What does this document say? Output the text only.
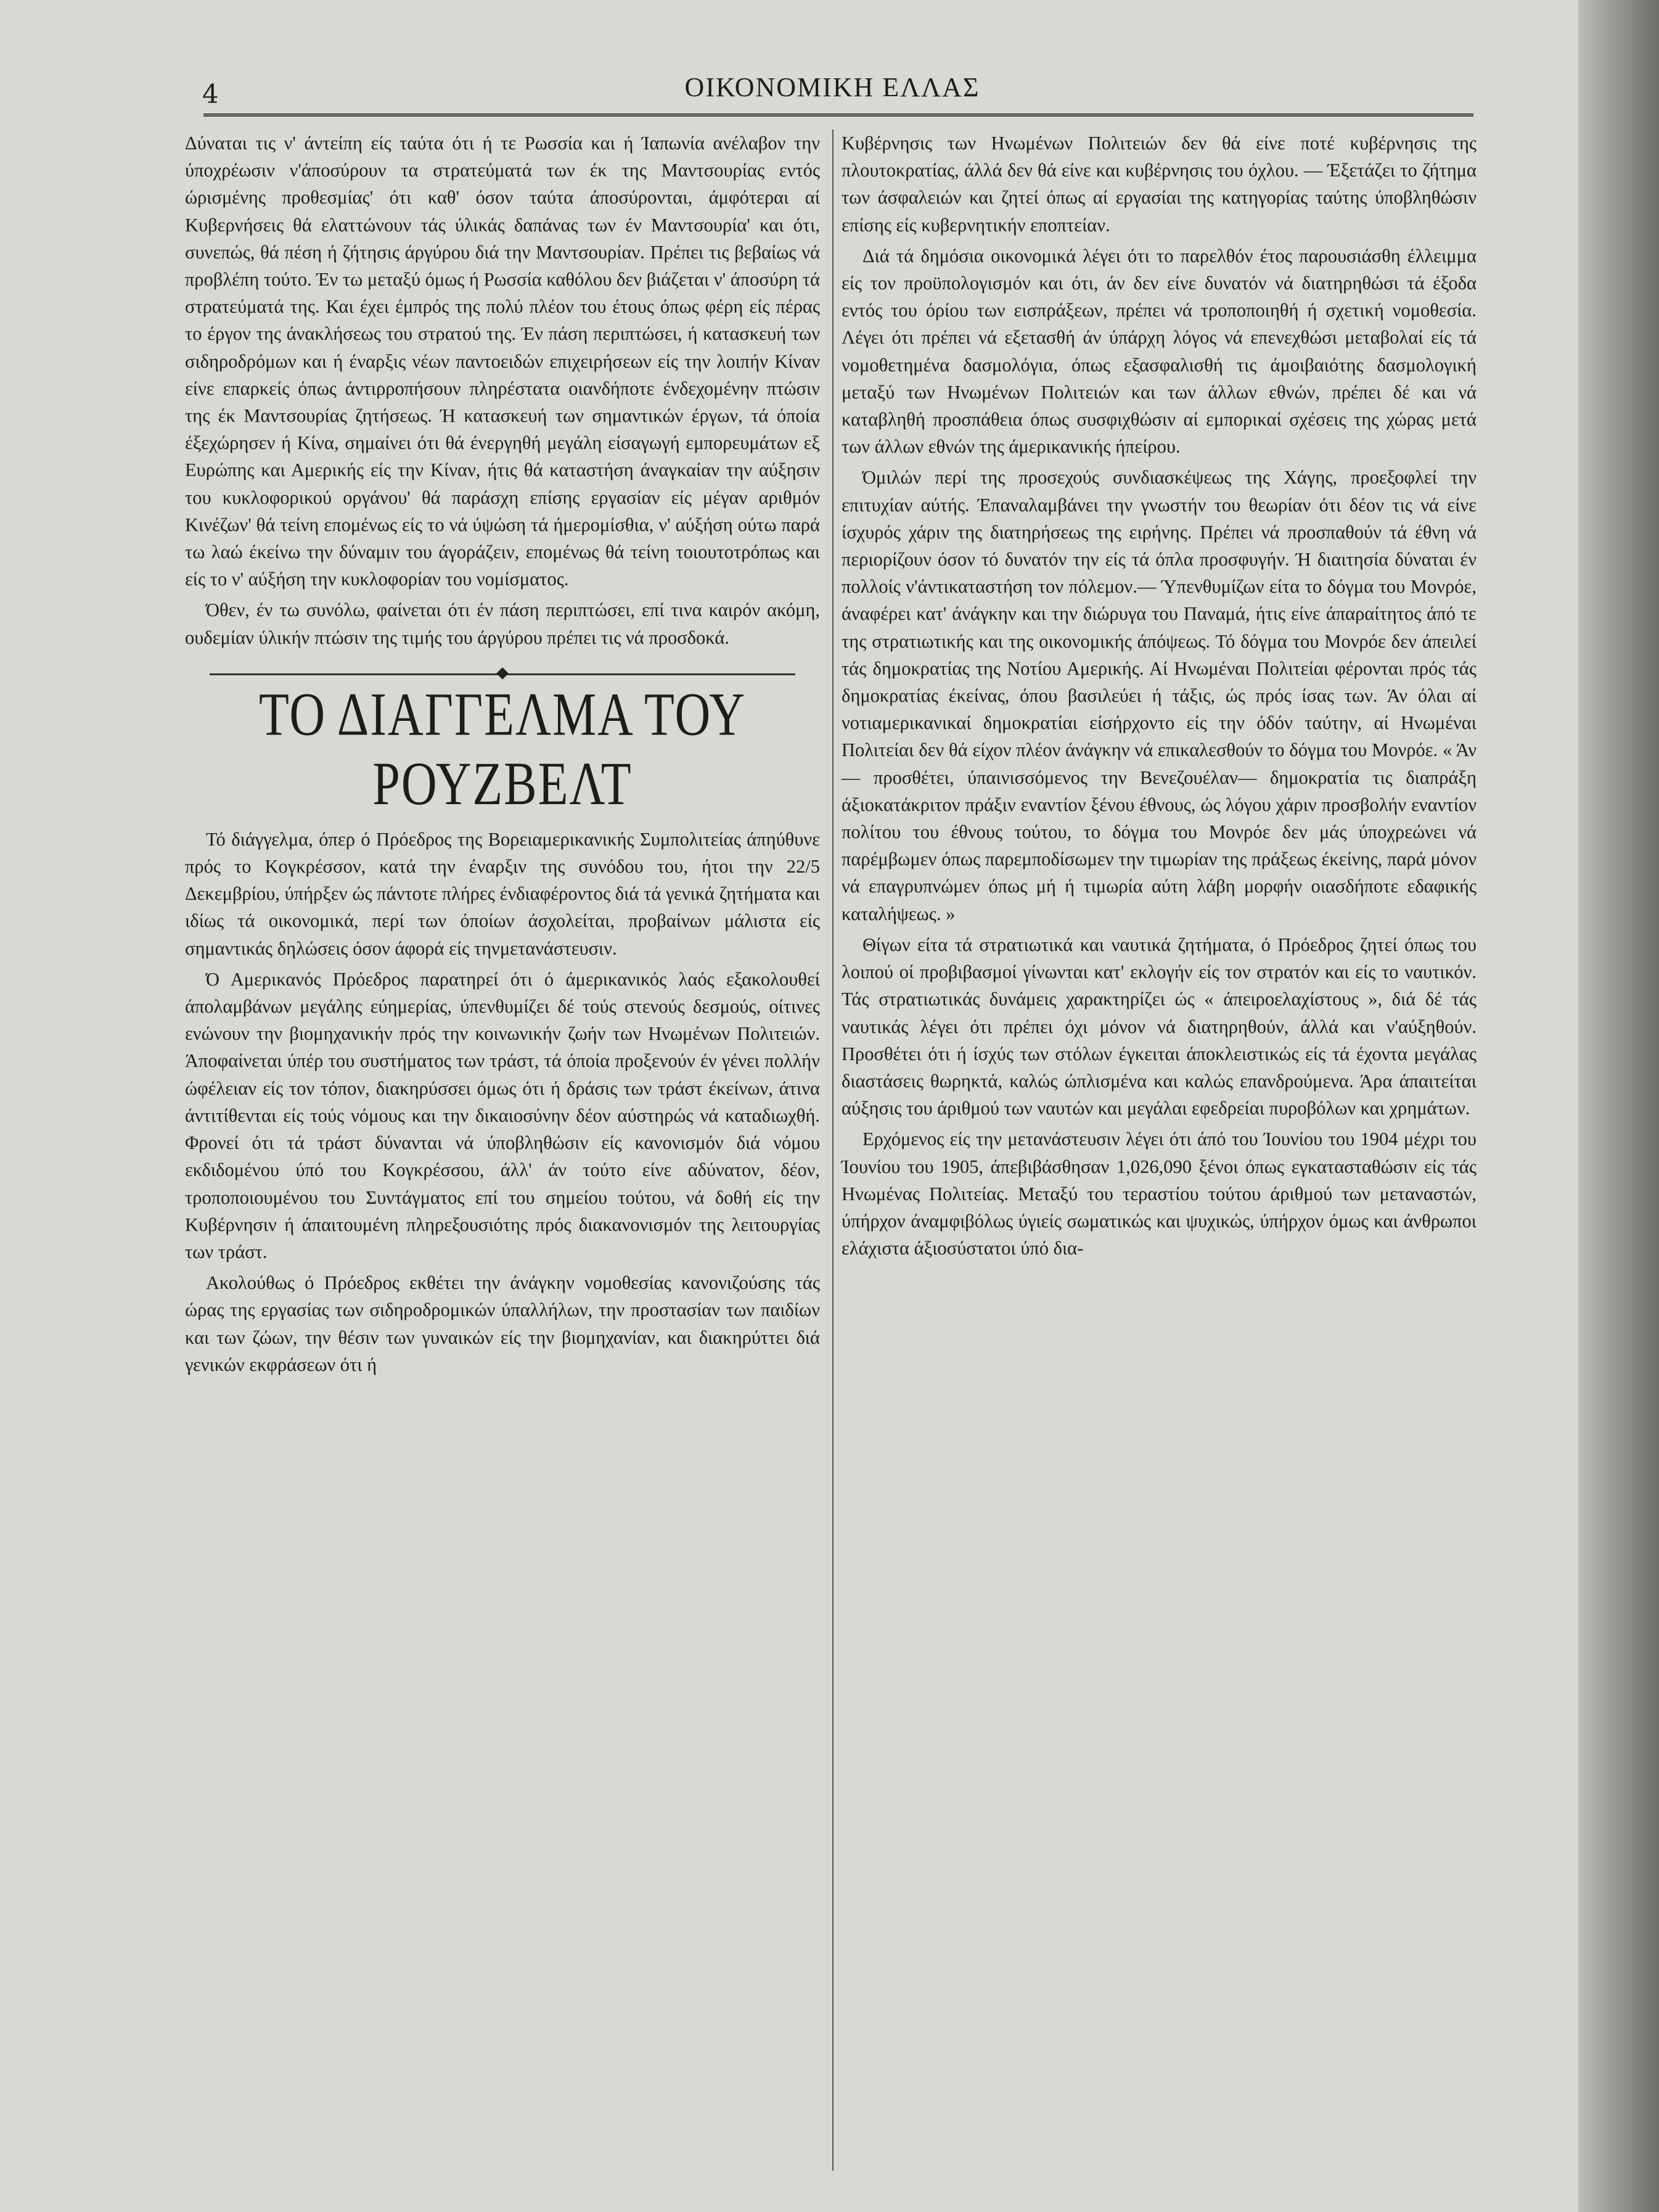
4	ΟΙΚΟΝΟΜΙΚΗ ΕΛΛΑΣ

Δύναται τις ν' άντείπη είς ταύτα ότι ή τε Ρωσσία και ή Ίαπωνία ανέλαβον την ύποχρέωσιν ν'άποσύρουν τα στρατεύματά των έκ της Μαντσουρίας εντός ώρισμένης προθεσμίας' ότι καθ' όσον ταύτα άποσύρονται, άμφότεραι αί Κυβερνήσεις θά ελαττώνουν τάς ύλικάς δαπάνας των έν Μαντσουρία' και ότι, συνεπώς, θά πέση ή ζήτησις άργύρου διά την Μαντσουρίαν. Πρέπει τις βεβαίως νά προβλέπη τούτο. Έν τω μεταξύ όμως ή Ρωσσία καθόλου δεν βιάζεται ν' άποσύρη τά στρατεύματά της. Και έχει έμπρός της πολύ πλέον του έτους όπως φέρη είς πέρας το έργον της άνακλήσεως του στρατού της. Έν πάση περιπτώσει, ή κατασκευή των σιδηροδρόμων και ή έναρξις νέων παντοειδών επιχειρήσεων είς την λοιπήν Κίναν είνε επαρκείς όπως άντιρροπήσουν πληρέστατα οιανδήποτε ένδεχομένην πτώσιν της έκ Μαντσουρίας ζητήσεως. Ή κατασκευή των σημαντικών έργων, τά όποία έξεχώρησεν ή Κίνα, σημαίνει ότι θά ένεργηθή μεγάλη είσαγωγή εμπορευμάτων εξ Ευρώπης και Αμερικής είς την Κίναν, ήτις θά καταστήση άναγκαίαν την αύξησιν του κυκλοφορικού οργάνου' θά παράσχη επίσης εργασίαν είς μέγαν αριθμόν Κινέζων' θά τείνη επομένως είς το νά ύψώση τά ήμερομίσθια, ν' αύξήση ούτω παρά τω λαώ έκείνω την δύναμιν του άγοράζειν, επομένως θά τείνη τοιουτοτρόπως και είς το ν' αύξήση την κυκλοφορίαν του νομίσματος.

Όθεν, έν τω συνόλω, φαίνεται ότι έν πάση περιπτώσει, επί τινα καιρόν ακόμη, ουδεμίαν ύλικήν πτώσιν της τιμής του άργύρου πρέπει τις νά προσδοκά.

ΤΟ ΔΙΑΓΓΕΛΜΑ ΤΟΥ ΡΟΥΖΒΕΛΤ

Τό διάγγελμα, όπερ ό Πρόεδρος της Βορειαμερικανικής Συμπολιτείας άπηύθυνε πρός το Κογκρέσσον, κατά την έναρξιν της συνόδου του, ήτοι την 22/5 Δεκεμβρίου, ύπήρξεν ώς πάντοτε πλήρες ένδιαφέροντος διά τά γενικά ζητήματα και ιδίως τά οικονομικά, περί των όποίων άσχολείται, προβαίνων μάλιστα είς σημαντικάς δηλώσεις όσον άφορά είς τηνμετανάστευσιν.

Ό Αμερικανός Πρόεδρος παρατηρεί ότι ό άμερικανικός λαός εξακολουθεί άπολαμβάνων μεγάλης εύημερίας, ύπενθυμίζει δέ τούς στενούς δεσμούς, οίτινες ενώνουν την βιομηχανικήν πρός την κοινωνικήν ζωήν των Ηνωμένων Πολιτειών. Άποφαίνεται ύπέρ του συστήματος των τράστ, τά όποία προξενούν έν γένει πολλήν ώφέλειαν είς τον τόπον, διακηρύσσει όμως ότι ή δράσις των τράστ έκείνων, άτινα άντιτίθενται είς τούς νόμους και την δικαιοσύνην δέον αύστηρώς νά καταδιωχθή. Φρονεί ότι τά τράστ δύνανται νά ύποβληθώσιν είς κανονισμόν διά νόμου εκδιδομένου ύπό του Κογκρέσσου, άλλ' άν τούτο είνε αδύνατον, δέον, τροποποιουμένου του Συντάγματος επί του σημείου τούτου, νά δοθή είς την Κυβέρνησιν ή άπαιτουμένη πληρεξουσιότης πρός διακανονισμόν της λειτουργίας των τράστ.

Ακολούθως ό Πρόεδρος εκθέτει την άνάγκην νομοθεσίας κανονιζούσης τάς ώρας της εργασίας των σιδηροδρομικών ύπαλλήλων, την προστασίαν των παιδίων και των ζώων, την θέσιν των γυναικών είς την βιομηχανίαν, και διακηρύττει διά γενικών εκφράσεων ότι ή

Κυβέρνησις των Ηνωμένων Πολιτειών δεν θά είνε ποτέ κυβέρνησις της πλουτοκρατίας, άλλά δεν θά είνε και κυβέρνησις του όχλου. — Έξετάζει το ζήτημα των άσφαλειών και ζητεί όπως αί εργασίαι της κατηγορίας ταύτης ύποβληθώσιν επίσης είς κυβερνητικήν εποπτείαν.

Διά τά δημόσια οικονομικά λέγει ότι το παρελθόν έτος παρουσιάσθη έλλειμμα είς τον προϋπολογισμόν και ότι, άν δεν είνε δυνατόν νά διατηρηθώσι τά έξοδα εντός του όρίου των εισπράξεων, πρέπει νά τροποποιηθή ή σχετική νομοθεσία. Λέγει ότι πρέπει νά εξετασθή άν ύπάρχη λόγος νά επενεχθώσι μεταβολαί είς τά νομοθετημένα δασμολόγια, όπως εξασφαλισθή τις άμοιβαιότης δασμολογική μεταξύ των Ηνωμένων Πολιτειών και των άλλων εθνών, πρέπει δέ και νά καταβληθή προσπάθεια όπως συσφιχθώσιν αί εμπορικαί σχέσεις της χώρας μετά των άλλων εθνών της άμερικανικής ήπείρου.

Όμιλών περί της προσεχούς συνδιασκέψεως της Χάγης, προεξοφλεί την επιτυχίαν αύτής. Έπαναλαμβάνει την γνωστήν του θεωρίαν ότι δέον τις νά είνε ίσχυρός χάριν της διατηρήσεως της ειρήνης. Πρέπει νά προσπαθούν τά έθνη νά περιορίζουν όσον τό δυνατόν την είς τά όπλα προσφυγήν. Ή διαιτησία δύναται έν πολλοίς ν'άντικαταστήση τον πόλεμον.— Ύπενθυμίζων είτα το δόγμα του Μονρόε, άναφέρει κατ' άνάγκην και την διώρυγα του Παναμά, ήτις είνε άπαραίτητος άπό τε της στρατιωτικής και της οικονομικής άπόψεως. Τό δόγμα του Μονρόε δεν άπειλεί τάς δημοκρατίας της Νοτίου Αμερικής. Αί Ηνωμέναι Πολιτείαι φέρονται πρός τάς δημοκρατίας έκείνας, όπου βασιλεύει ή τάξις, ώς πρός ίσας των. Άν όλαι αί νοτιαμερικανικαί δημοκρατίαι είσήρχοντο είς την όδόν ταύτην, αί Ηνωμέναι Πολιτείαι δεν θά είχον πλέον άνάγκην νά επικαλεσθούν το δόγμα του Μονρόε. « Άν — προσθέτει, ύπαινισσόμενος την Βενεζουέλαν— δημοκρατία τις διαπράξη άξιοκατάκριτον πράξιν εναντίον ξένου έθνους, ώς λόγου χάριν προσβολήν εναντίον πολίτου του έθνους τούτου, το δόγμα του Μονρόε δεν μάς ύποχρεώνει νά παρέμβωμεν όπως παρεμποδίσωμεν την τιμωρίαν της πράξεως έκείνης, παρά μόνον νά επαγρυπνώμεν όπως μή ή τιμωρία αύτη λάβη μορφήν οιασδήποτε εδαφικής καταλήψεως. »

Θίγων είτα τά στρατιωτικά και ναυτικά ζητήματα, ό Πρόεδρος ζητεί όπως του λοιπού οί προβιβασμοί γίνωνται κατ' εκλογήν είς τον στρατόν και είς το ναυτικόν. Τάς στρατιωτικάς δυνάμεις χαρακτηρίζει ώς « άπειροελαχίστους », διά δέ τάς ναυτικάς λέγει ότι πρέπει όχι μόνον νά διατηρηθούν, άλλά και ν'αύξηθούν. Προσθέτει ότι ή ίσχύς των στόλων έγκειται άποκλειστικώς είς τά έχοντα μεγάλας διαστάσεις θωρηκτά, καλώς ώπλισμένα και καλώς επανδρούμενα. Άρα άπαιτείται αύξησις του άριθμού των ναυτών και μεγάλαι εφεδρείαι πυροβόλων και χρημάτων.

Ερχόμενος είς την μετανάστευσιν λέγει ότι άπό του Ίουνίου του 1904 μέχρι του Ίουνίου του 1905, άπεβιβάσθησαν 1,026,090 ξένοι όπως εγκατασταθώσιν είς τάς Ηνωμένας Πολιτείας. Μεταξύ του τεραστίου τούτου άριθμού των μεταναστών, ύπήρχον άναμφιβόλως ύγιείς σωματικώς και ψυχικώς, ύπήρχον όμως και άνθρωποι ελάχιστα άξιοσύστατοι ύπό δια-
